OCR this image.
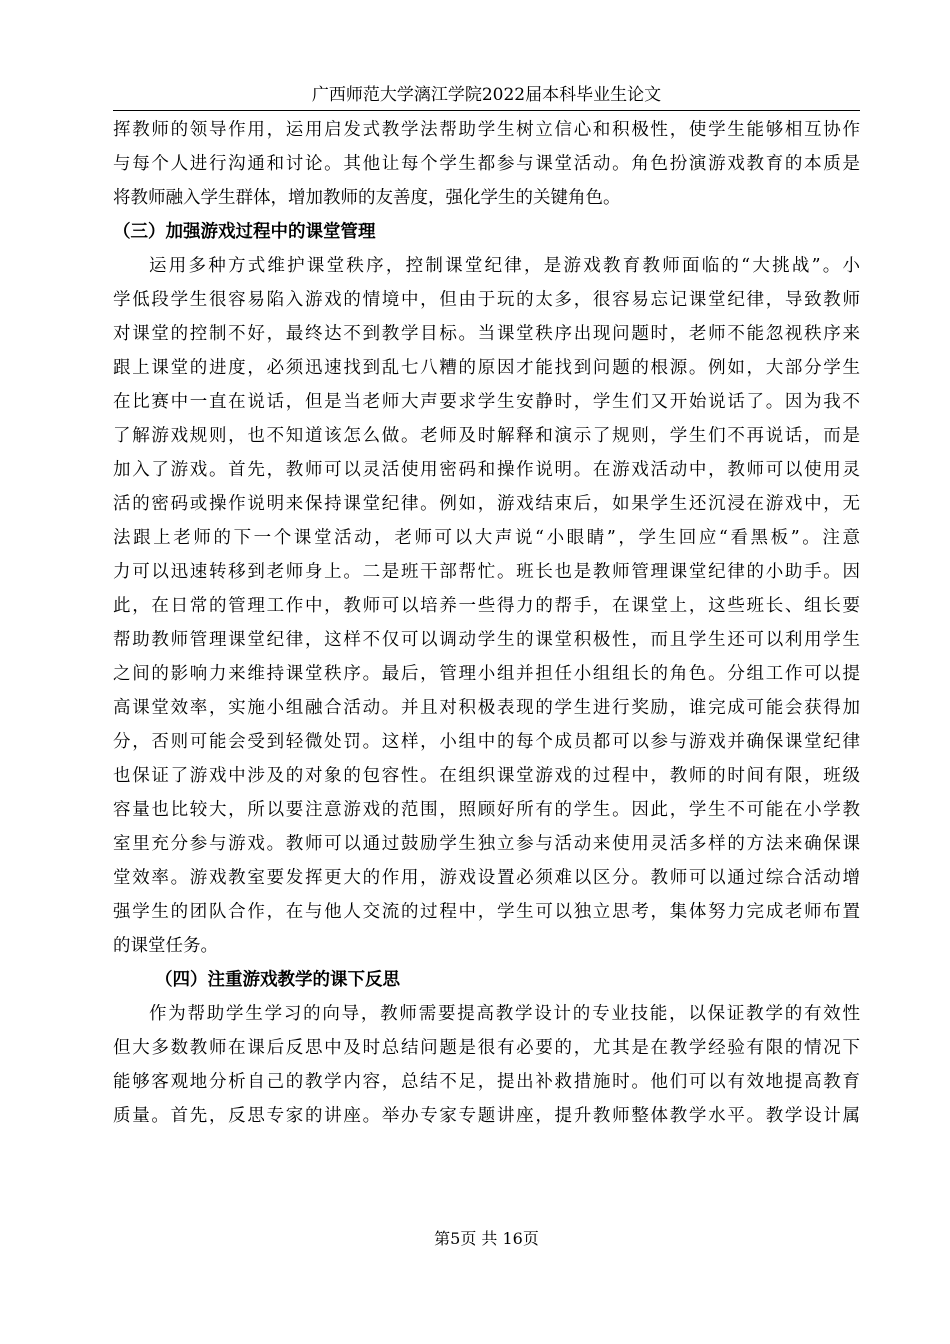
广西师范大学漓江学院2022届本科毕业生论文
挥教师的领导作用，运用启发式教学法帮助学生树立信心和积极性，使学生能够相互协作
与每个人进行沟通和讨论。其他让每个学生都参与课堂活动。角色扮演游戏教育的本质是
将教师融入学生群体，增加教师的友善度，强化学生的关键角色。
（三）加强游戏过程中的课堂管理
运用多种方式维护课堂秩序，控制课堂纪律，是游戏教育教师面临的“大挑战”。小
学低段学生很容易陷入游戏的情境中，但由于玩的太多，很容易忘记课堂纪律，导致教师
对课堂的控制不好，最终达不到教学目标。当课堂秩序出现问题时，老师不能忽视秩序来
跟上课堂的进度，必须迅速找到乱七八糟的原因才能找到问题的根源。例如，大部分学生
在比赛中一直在说话，但是当老师大声要求学生安静时，学生们又开始说话了。因为我不
了解游戏规则，也不知道该怎么做。老师及时解释和演示了规则，学生们不再说话，而是
加入了游戏。首先，教师可以灵活使用密码和操作说明。在游戏活动中，教师可以使用灵
活的密码或操作说明来保持课堂纪律。例如，游戏结束后，如果学生还沉浸在游戏中，无
法跟上老师的下一个课堂活动，老师可以大声说“小眼睛”，学生回应“看黑板”。注意
力可以迅速转移到老师身上。二是班干部帮忙。班长也是教师管理课堂纪律的小助手。因
此，在日常的管理工作中，教师可以培养一些得力的帮手，在课堂上，这些班长、组长要
帮助教师管理课堂纪律，这样不仅可以调动学生的课堂积极性，而且学生还可以利用学生
之间的影响力来维持课堂秩序。最后，管理小组并担任小组组长的角色。分组工作可以提
高课堂效率，实施小组融合活动。并且对积极表现的学生进行奖励，谁完成可能会获得加
分，否则可能会受到轻微处罚。这样，小组中的每个成员都可以参与游戏并确保课堂纪律
也保证了游戏中涉及的对象的包容性。在组织课堂游戏的过程中，教师的时间有限，班级
容量也比较大，所以要注意游戏的范围，照顾好所有的学生。因此，学生不可能在小学教
室里充分参与游戏。教师可以通过鼓励学生独立参与活动来使用灵活多样的方法来确保课
堂效率。游戏教室要发挥更大的作用，游戏设置必须难以区分。教师可以通过综合活动增
强学生的团队合作，在与他人交流的过程中，学生可以独立思考，集体努力完成老师布置
的课堂任务。
（四）注重游戏教学的课下反思
作为帮助学生学习的向导，教师需要提高教学设计的专业技能，以保证教学的有效性
但大多数教师在课后反思中及时总结问题是很有必要的，尤其是在教学经验有限的情况下
能够客观地分析自己的教学内容，总结不足，提出补救措施时。他们可以有效地提高教育
质量。首先，反思专家的讲座。举办专家专题讲座，提升教师整体教学水平。教学设计属
第5页 共 16页
